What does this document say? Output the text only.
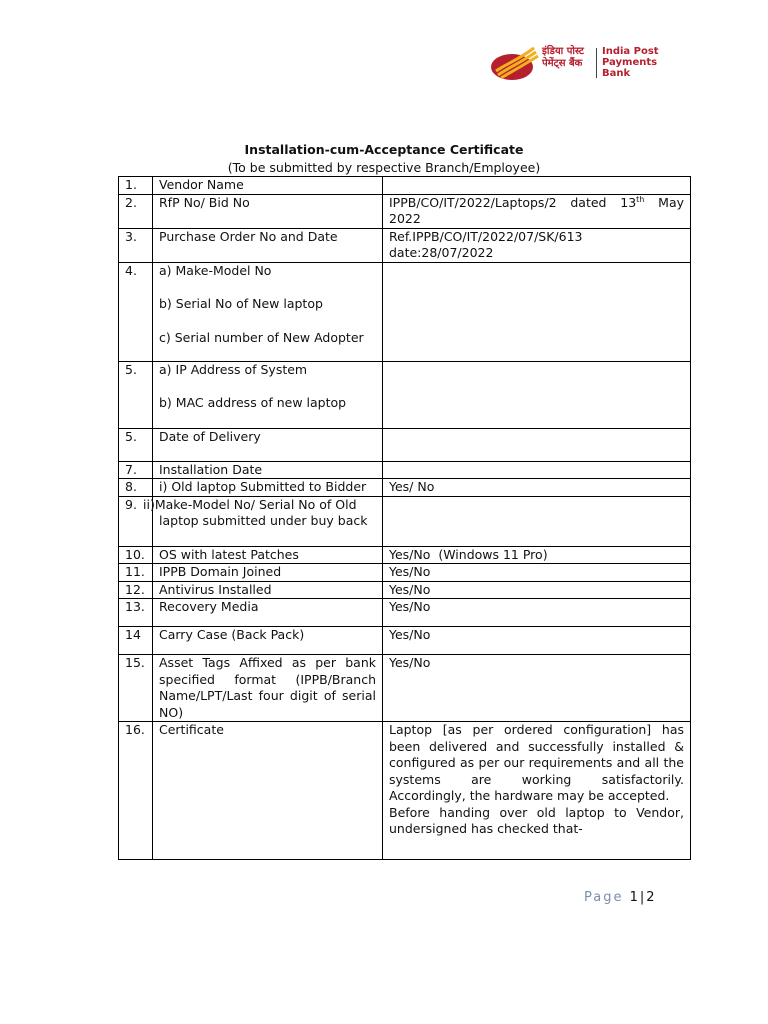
इंडिया पोस्ट
पेमेंट्स बैंक
India Post
Payments Bank
Installation-cum-Acceptance Certificate
(To be submitted by respective Branch/Employee)
1.	Vendor Name	
2.	RfP No/ Bid No	IPPB/CO/IT/2022/Laptops/2 dated 13th May 2022
3.	Purchase Order No and Date	Ref.IPPB/CO/IT/2022/07/SK/613
date:28/07/2022

4.	a) Make-Model No
b) Serial No of New laptop
c) Serial number of New Adopter	

5.	a) IP Address of System
b) MAC address of new laptop	

5.	Date of Delivery	
7.	Installation Date	
8.	i) Old laptop Submitted to Bidder	Yes/ No
9.	ii)Make-Model No/ Serial No of Old laptop submitted under buy back	
10.	OS with latest Patches	Yes/No  (Windows 11 Pro)
11.	IPPB Domain Joined	Yes/No
12.	Antivirus Installed	Yes/No
13.	Recovery Media	Yes/No
14	Carry Case (Back Pack)	Yes/No
15.	Asset Tags Affixed as per bank specified format (IPPB/Branch Name/LPT/Last four digit of serial NO)	Yes/No
16.	Certificate	Laptop [as per ordered configuration] has been delivered and successfully installed & configured as per our requirements and all the systems are working satisfactorily. Accordingly, the hardware may be accepted.
Before handing over old laptop to Vendor, undersigned has checked that-
Page 1 | 2
